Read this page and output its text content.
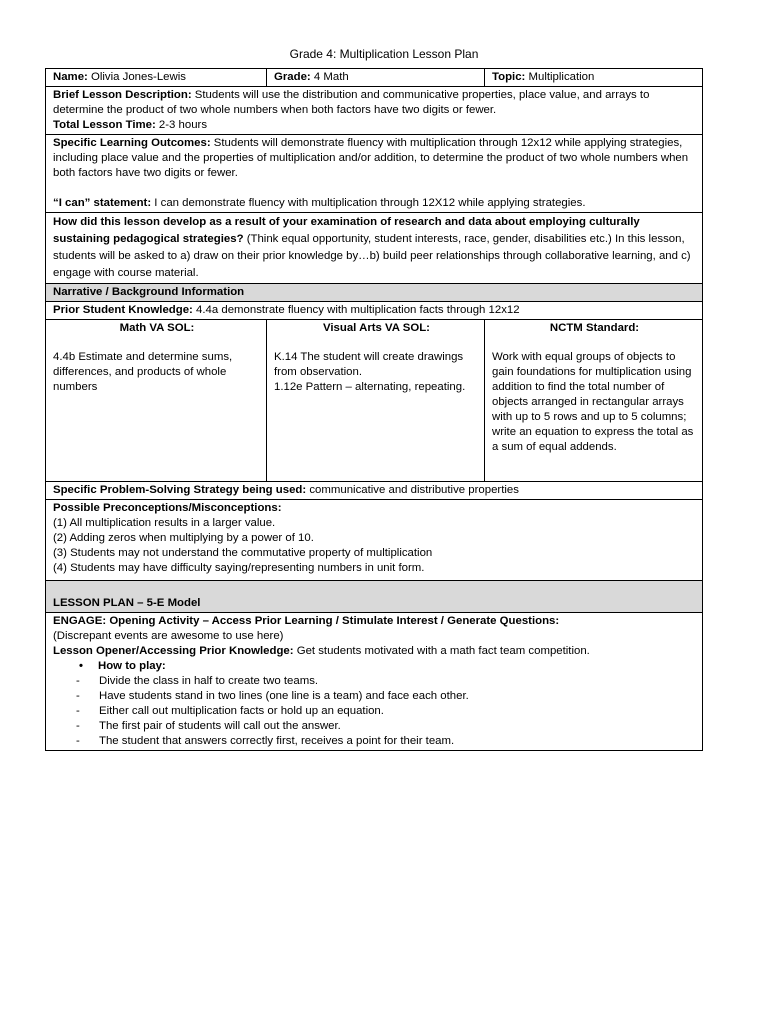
Grade 4: Multiplication Lesson Plan
Name: Olivia Jones-Lewis	Grade: 4 Math	Topic: Multiplication
Brief Lesson Description: Students will use the distribution and communicative properties, place value, and arrays to determine the product of two whole numbers when both factors have two digits or fewer.
Total Lesson Time: 2-3 hours
Specific Learning Outcomes: Students will demonstrate fluency with multiplication through 12x12 while applying strategies, including place value and the properties of multiplication and/or addition, to determine the product of two whole numbers when both factors have two digits or fewer.
“I can” statement: I can demonstrate fluency with multiplication through 12X12 while applying strategies.
How did this lesson develop as a result of your examination of research and data about employing culturally sustaining pedagogical strategies? (Think equal opportunity, student interests, race, gender, disabilities etc.) In this lesson, students will be asked to a) draw on their prior knowledge by…b) build peer relationships through collaborative learning, and c) engage with course material.
Narrative / Background Information
Prior Student Knowledge: 4.4a demonstrate fluency with multiplication facts through 12x12
Math VA SOL:
4.4b Estimate and determine sums, differences, and products of whole numbers
Visual Arts VA SOL:
K.14 The student will create drawings from observation.
1.12e Pattern – alternating, repeating.
NCTM Standard:
Work with equal groups of objects to gain foundations for multiplication using addition to find the total number of objects arranged in rectangular arrays with up to 5 rows and up to 5 columns; write an equation to express the total as a sum of equal addends.
Specific Problem-Solving Strategy being used: communicative and distributive properties
Possible Preconceptions/Misconceptions:
(1) All multiplication results in a larger value.
(2) Adding zeros when multiplying by a power of 10.
(3) Students may not understand the commutative property of multiplication
(4) Students may have difficulty saying/representing numbers in unit form.
LESSON PLAN – 5-E Model
ENGAGE: Opening Activity – Access Prior Learning / Stimulate Interest / Generate Questions:
(Discrepant events are awesome to use here)
Lesson Opener/Accessing Prior Knowledge: Get students motivated with a math fact team competition.
• How to play:
- Divide the class in half to create two teams.
- Have students stand in two lines (one line is a team) and face each other.
- Either call out multiplication facts or hold up an equation.
- The first pair of students will call out the answer.
- The student that answers correctly first, receives a point for their team.
